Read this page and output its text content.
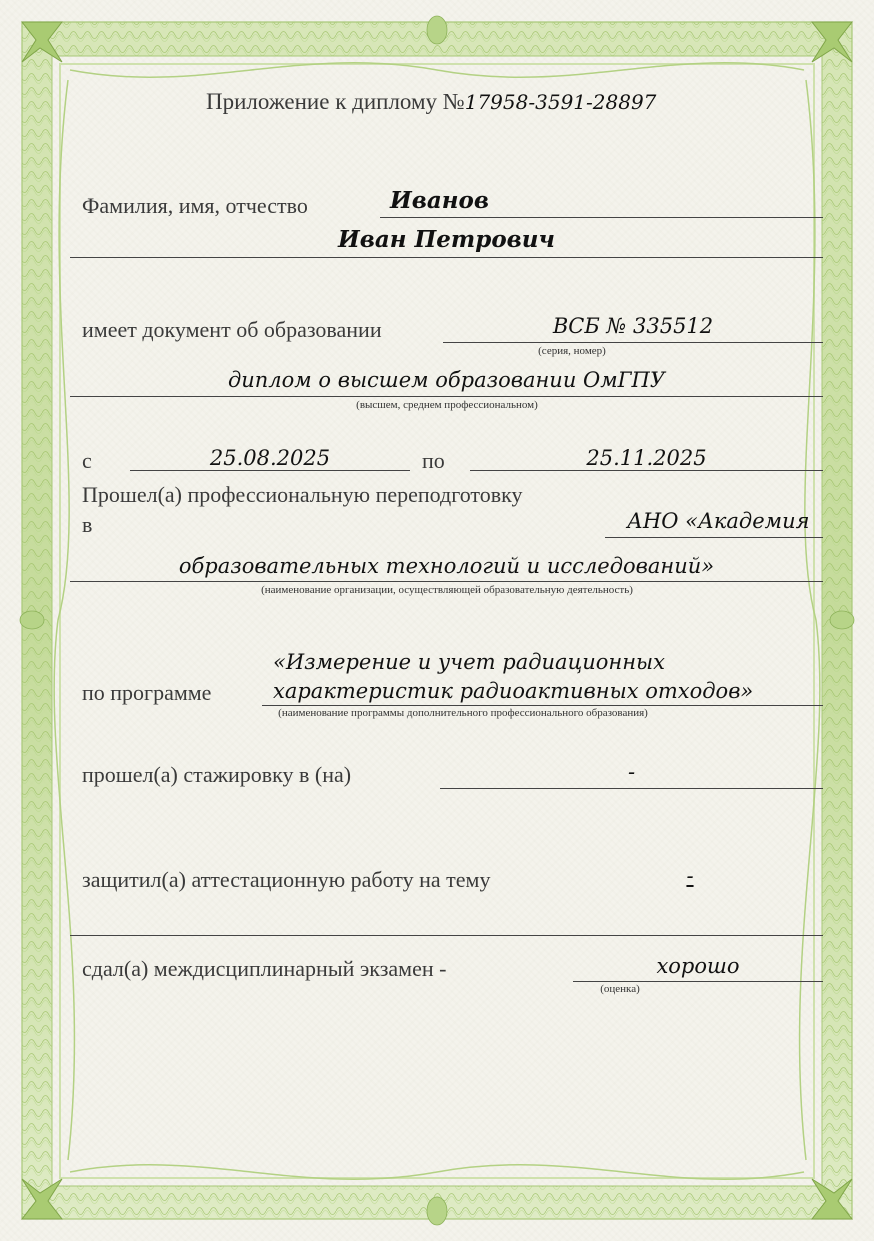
Приложение к диплому №17958-3591-28897
Фамилия, имя, отчество	Иванов
Иван Петрович
имеет документ об образовании	ВСБ № 335512
(серия, номер)
диплом о высшем образовании ОмГПУ
(высшем, среднем профессиональном)
с	25.08.2025	по	25.11.2025
Прошел(а) профессиональную переподготовку
в	АНО «Академия
образовательных технологий и исследований»
(наименование организации, осуществляющей образовательную деятельность)
«Измерение и учет радиационных
по программе	характеристик радиоактивных отходов»
(наименование программы дополнительного профессионального образования)
прошел(а) стажировку в (на)	-
защитил(а) аттестационную работу на тему	-
сдал(а) междисциплинарный экзамен -	хорошо
(оценка)
